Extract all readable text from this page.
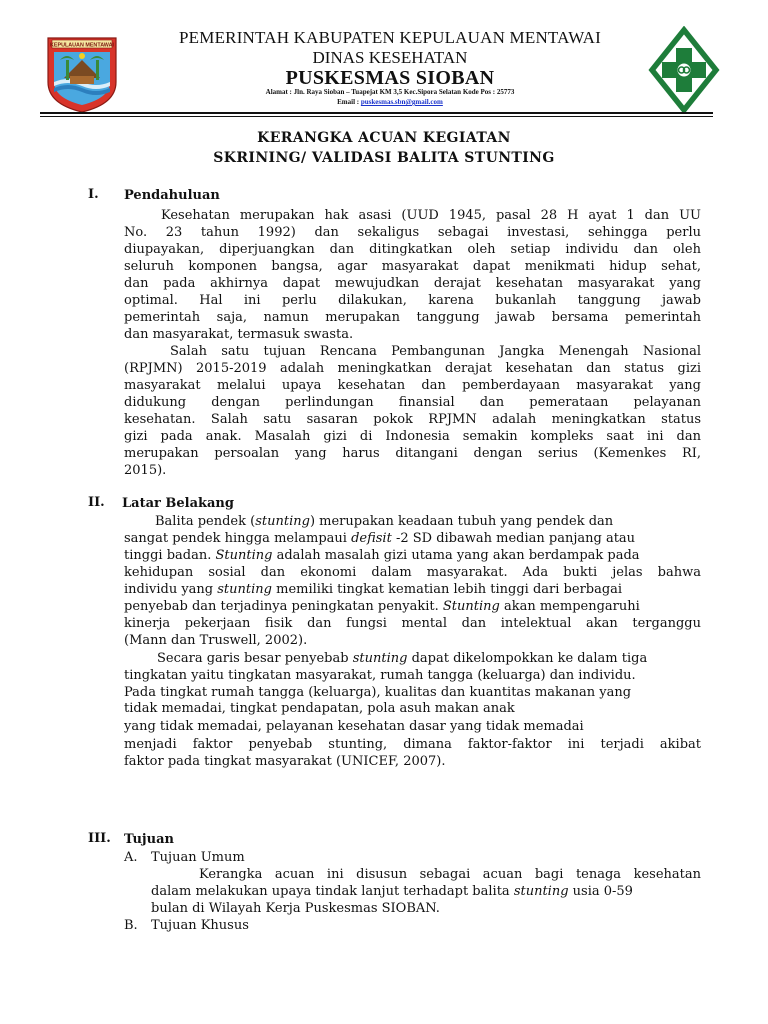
KEPULAUAN MENTAWAI	PEMERINTAH KABUPATEN KEPULAUAN MENTAWAI
DINAS KESEHATAN
PUSKESMAS SIOBAN
Alamat : Jln. Raya Sioban – Tuapejat KM 3,5 Kec.Sipora Selatan Kode Pos : 25773
Email : puskesmas.sbn@gmail.com
KERANGKA ACUAN KEGIATAN
SKRINING/ VALIDASI BALITA STUNTING
I. Pendahuluan
Kesehatan merupakan hak asasi (UUD 1945, pasal 28 H ayat 1 dan UU
No. 23 tahun 1992) dan sekaligus sebagai investasi, sehingga perlu
diupayakan, diperjuangkan dan ditingkatkan oleh setiap individu dan oleh
seluruh komponen bangsa, agar masyarakat dapat menikmati hidup sehat,
dan pada akhirnya dapat mewujudkan derajat kesehatan masyarakat yang
optimal. Hal ini perlu dilakukan, karena bukanlah tanggung jawab
pemerintah saja, namun merupakan tanggung jawab bersama pemerintah
dan masyarakat, termasuk swasta.
Salah satu tujuan Rencana Pembangunan Jangka Menengah Nasional
(RPJMN) 2015-2019 adalah meningkatkan derajat kesehatan dan status gizi
masyarakat melalui upaya kesehatan dan pemberdayaan masyarakat yang
didukung dengan perlindungan finansial dan pemerataan pelayanan
kesehatan. Salah satu sasaran pokok RPJMN adalah meningkatkan status
gizi pada anak. Masalah gizi di Indonesia semakin kompleks saat ini dan
merupakan persoalan yang harus ditangani dengan serius (Kemenkes RI,
2015).
II. Latar Belakang
Balita pendek (stunting) merupakan keadaan tubuh yang pendek dan
sangat pendek hingga melampaui defisit -2 SD dibawah median panjang atau
tinggi badan. Stunting adalah masalah gizi utama yang akan berdampak pada
kehidupan sosial dan ekonomi dalam masyarakat. Ada bukti jelas bahwa
individu yang stunting memiliki tingkat kematian lebih tinggi dari berbagai
penyebab dan terjadinya peningkatan penyakit. Stunting akan mempengaruhi
kinerja pekerjaan fisik dan fungsi mental dan intelektual akan terganggu
(Mann dan Truswell, 2002).
Secara garis besar penyebab stunting dapat dikelompokkan ke dalam tiga
tingkatan yaitu tingkatan masyarakat, rumah tangga (keluarga) dan individu.
Pada tingkat rumah tangga (keluarga), kualitas dan kuantitas makanan yang
tidak memadai, tingkat pendapatan, pola asuh makan anak
yang tidak memadai, pelayanan kesehatan dasar yang tidak memadai
menjadi faktor penyebab stunting, dimana faktor-faktor ini terjadi akibat
faktor pada tingkat masyarakat (UNICEF, 2007).
III. Tujuan
A. Tujuan Umum
Kerangka acuan ini disusun sebagai acuan bagi tenaga kesehatan
dalam melakukan upaya tindak lanjut terhadapt balita stunting usia 0-59
bulan di Wilayah Kerja Puskesmas SIOBAN.
B. Tujuan Khusus
